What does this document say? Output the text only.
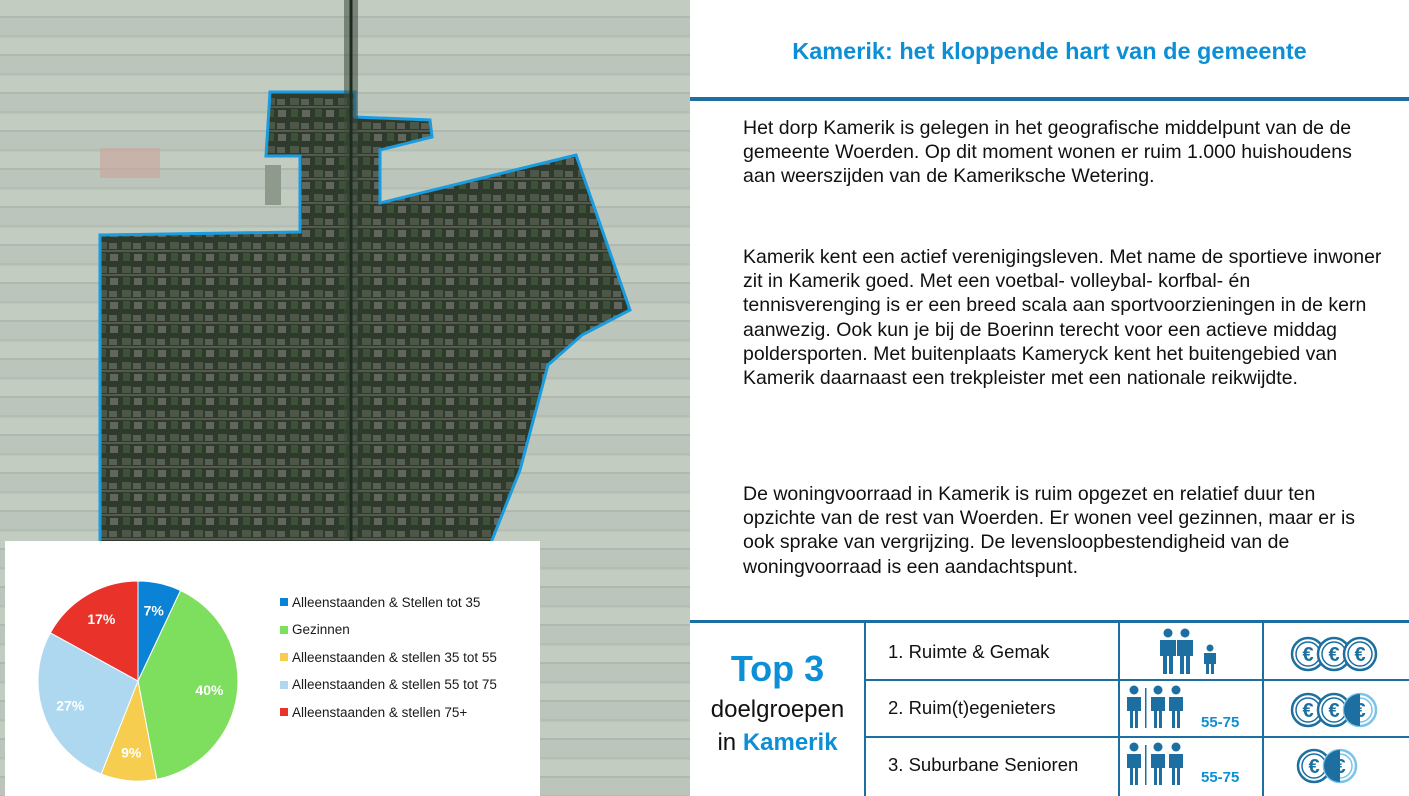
7%
40%
9%
27%
17%
Alleenstaanden & Stellen tot 35
Gezinnen
Alleenstaanden & stellen 35 tot 55
Alleenstaanden & stellen 55 tot 75
Alleenstaanden & stellen 75+
Kamerik: het kloppende hart van de gemeente

Het dorp Kamerik is gelegen in het geografische middelpunt van de de gemeente Woerden. Op dit moment wonen er ruim 1.000 huishoudens aan weerszijden van de Kameriksche Wetering.

Kamerik kent een actief verenigingsleven. Met name de sportieve inwoner zit in Kamerik goed. Met een voetbal- volleybal- korfbal- én tennisverenging is er een breed scala aan sportvoorzieningen in de kern aanwezig. Ook kun je bij de Boerinn terecht voor een actieve middag poldersporten. Met buitenplaats Kameryck kent het buitengebied van Kamerik daarnaast een trekpleister met een nationale reikwijdte.

De woningvoorraad in Kamerik is ruim opgezet en relatief duur ten opzichte van de rest van Woerden. Er wonen veel gezinnen, maar er is ook sprake van vergrijzing. De levensloopbestendigheid van de woningvoorraad is een aandachtspunt.

Top 3
doelgroepen
in Kamerik
1. Ruimte & Gemak
2. Ruim(t)egenieters
3. Suburbane Senioren
55-75
55-75
€ € €
€ € €
€ €
